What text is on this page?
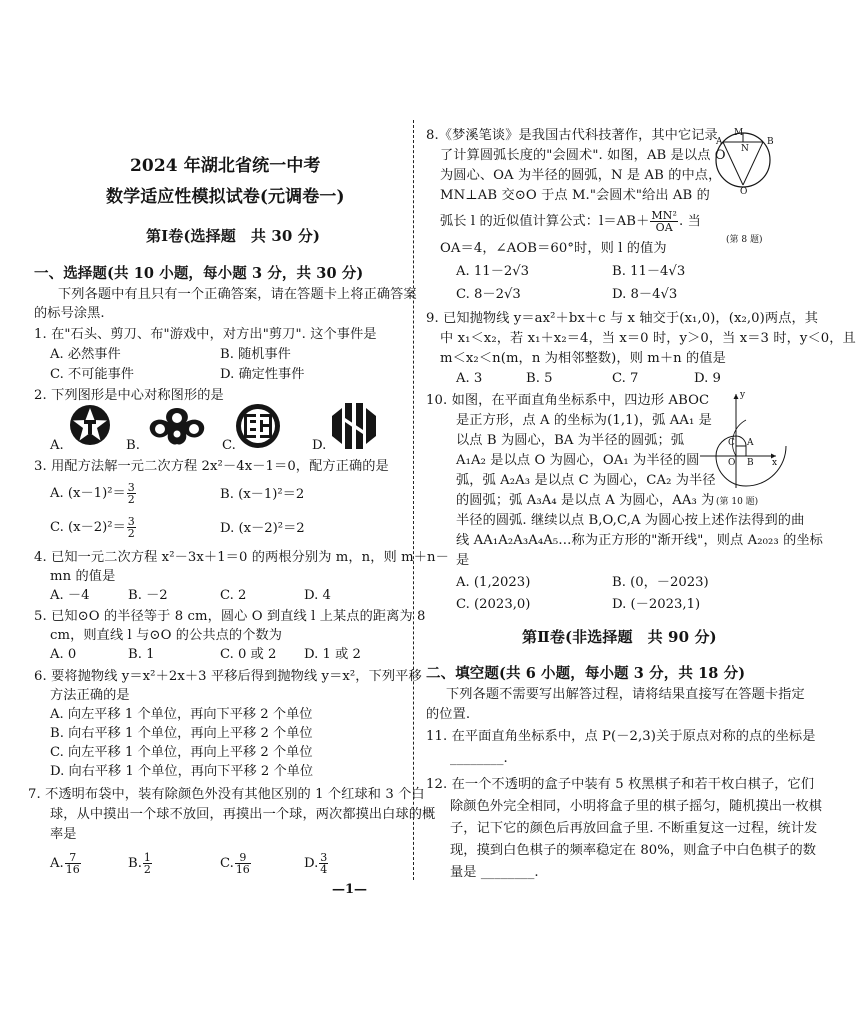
2024 年湖北省统一中考
数学适应性模拟试卷(元调卷一)
第Ⅰ卷(选择题　共 30 分)
一、选择题(共 10 小题，每小题 3 分，共 30 分)
下列各题中有且只有一个正确答案，请在答题卡上将正确答案
的标号涂黑.
1. 在"石头、剪刀、布"游戏中，对方出"剪刀". 这个事件是
A. 必然事件	B. 随机事件
C. 不可能事件	D. 确定性事件
2. 下列图形是中心对称图形的是
A.	B.	C.	D.
3. 用配方法解一元二次方程 2x²－4x－1＝0，配方正确的是
A. $(x-1)^2= \frac{3}{2}$	B. (x－1)²＝2
C. $(x-2)^2= \frac{3}{2}$	D. (x－2)²＝2
4. 已知一元二次方程 x²－3x＋1＝0 的两根分别为 m，n，则 m＋n－
mn 的值是
A. －4	B. －2	C. 2	D. 4
5. 已知⊙O 的半径等于 8 cm，圆心 O 到直线 l 上某点的距离为 8
cm，则直线 l 与⊙O 的公共点的个数为
A. 0	B. 1	C. 0 或 2 D. 1 或 2
6. 要将抛物线 y＝x²＋2x＋3 平移后得到抛物线 y＝x²，下列平移
方法正确的是
A. 向左平移 1 个单位，再向下平移 2 个单位
B. 向右平移 1 个单位，再向上平移 2 个单位
C. 向左平移 1 个单位，再向上平移 2 个单位
D. 向右平移 1 个单位，再向下平移 2 个单位
7. 不透明布袋中，装有除颜色外没有其他区别的 1 个红球和 3 个白
球，从中摸出一个球不放回，再摸出一个球，两次都摸出白球的概
率是
A. $\frac{7}{16}$	B. $\frac{1}{2}$	C. $\frac{9}{16}$	D. $\frac{3}{4}$
8.《梦溪笔谈》是我国古代科技著作，其中它记录
了计算圆弧长度的"会圆术". 如图，AB 是以点 O
为圆心、OA 为半径的圆弧，N 是 AB 的中点，
MN⊥AB 交⊙O 于点 M."会圆术"给出 AB 的
弧长 l 的近似值计算公式：$l=AB+ \frac{\text{MN²}}{OA}$ . 当
OA＝4，∠AOB＝60°时，则 l 的值为
A. 11－2√3	B. 11－4√3
C. 8－2√3	D. 8－4√3
M
A
N
B
O
(第 8 题)
9. 已知抛物线 y＝ax²＋bx＋c 与 x 轴交于(x₁,0)，(x₂,0)两点，其
中 x₁＜x₂，若 x₁＋x₂＝4，当 x＝0 时，y＞0，当 x＝3 时，y＜0，且
m＜x₂＜n(m，n 为相邻整数)，则 m＋n 的值是
A. 3	B. 5	C. 7	D. 9
10. 如图，在平面直角坐标系中，四边形 ABOC
是正方形，点 A 的坐标为(1,1)，弧 AA₁ 是
以点 B 为圆心，BA 为半径的圆弧；弧
A₁A₂ 是以点 O 为圆心，OA₁ 为半径的圆
弧，弧 A₂A₃ 是以点 C 为圆心，CA₂ 为半径
的圆弧；弧 A₃A₄ 是以点 A 为圆心，AA₃ 为
半径的圆弧. 继续以点 B,O,C,A 为圆心按上述作法得到的曲
线 AA₁A₂A₃A₄A₅…称为正方形的"渐开线"，则点 A₂₀₂₃ 的坐标
是
A. (1,2023)	B. (0，－2023)
C. (2023,0)	D. (－2023,1)
y
x
O
A
C
B
(第 10 题)
第Ⅱ卷(非选择题　共 90 分)
二、填空题(共 6 小题，每小题 3 分，共 18 分)
下列各题不需要写出解答过程，请将结果直接写在答题卡指定
的位置.
11. 在平面直角坐标系中，点 P(－2,3)关于原点对称的点的坐标是
________.
12. 在一个不透明的盒子中装有 5 枚黑棋子和若干枚白棋子，它们
除颜色外完全相同，小明将盒子里的棋子摇匀，随机摸出一枚棋
子，记下它的颜色后再放回盒子里. 不断重复这一过程，统计发
现，摸到白色棋子的频率稳定在 80%，则盒子中白色棋子的数
量是 ________.
—1—
